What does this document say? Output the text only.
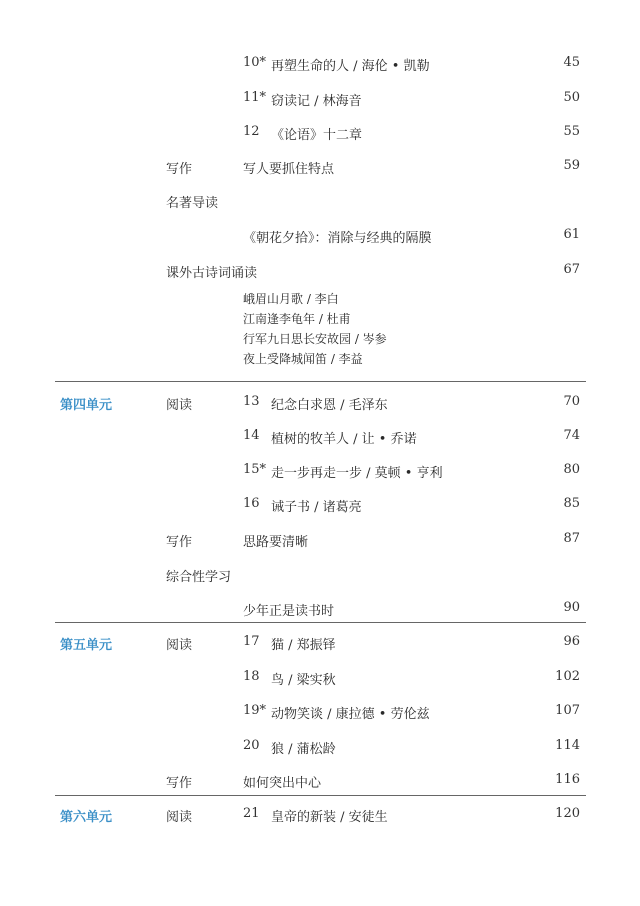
10* 再塑生命的人 / 海伦 • 凯勒	45
11* 窃读记 / 林海音	50
12 《论语》十二章	55
写作	写人要抓住特点	59
名著导读
《朝花夕拾》：消除与经典的隔膜	61
课外古诗词诵读	67
峨眉山月歌 / 李白
江南逢李龟年 / 杜甫
行军九日思长安故园 / 岑参
夜上受降城闻笛 / 李益
第四单元	阅读	13 纪念白求恩 / 毛泽东	70
14 植树的牧羊人 / 让 • 乔诺	74
15* 走一步再走一步 / 莫顿 • 亨利	80
16 诫子书 / 诸葛亮	85
写作	思路要清晰	87
综合性学习
少年正是读书时	90
第五单元	阅读	17 猫 / 郑振铎	96
18 鸟 / 梁实秋	102
19* 动物笑谈 / 康拉德 • 劳伦兹	107
20 狼 / 蒲松龄	114
写作	如何突出中心	116
第六单元	阅读	21 皇帝的新装 / 安徒生	120
